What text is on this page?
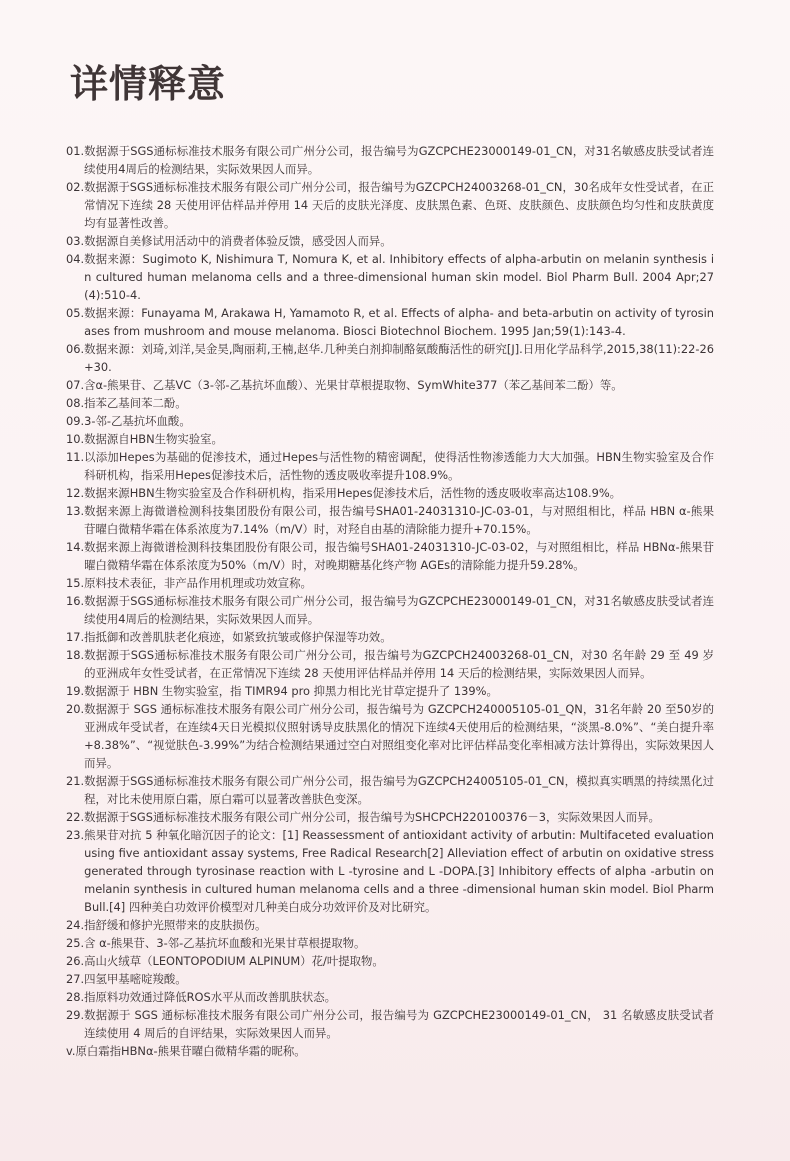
详情释意
01. 数据源于SGS通标标准技术服务有限公司广州分公司，报告编号为GZCPCHE23000149-01_CN，对31名敏感皮肤受试者连续使用4周后的检测结果，实际效果因人而异。
02. 数据源于SGS通标标准技术服务有限公司广州分公司，报告编号为GZCPCH24003268-01_CN，30名成年女性受试者，在正常情况下连续 28 天使用评估样品并停用 14 天后的皮肤光泽度、皮肤黑色素、色斑、皮肤颜色、皮肤颜色均匀性和皮肤黄度均有显著性改善。
03. 数据源自美修试用活动中的消费者体验反馈，感受因人而异。
04. 数据来源：Sugimoto K, Nishimura T, Nomura K, et al. Inhibitory effects of alpha-arbutin on melanin synthesis in cultured human melanoma cells and a three-dimensional human skin model. Biol Pharm Bull. 2004 Apr;27(4):510-4.
05. 数据来源：Funayama M, Arakawa H, Yamamoto R, et al. Effects of alpha- and beta-arbutin on activity of tyrosinases from mushroom and mouse melanoma. Biosci Biotechnol Biochem. 1995 Jan;59(1):143-4.
06. 数据来源：刘琦,刘洋,吴金昊,陶丽莉,王楠,赵华.几种美白剂抑制酪氨酸酶活性的研究[J].日用化学品科学,2015,38(11):22-26+30.
07. 含α-熊果苷、乙基VC（3-邻-乙基抗坏血酸）、光果甘草根提取物、SymWhite377（苯乙基间苯二酚）等。
08. 指苯乙基间苯二酚。
09. 3-邻-乙基抗坏血酸。
10. 数据源自HBN生物实验室。
11. 以添加Hepes为基础的促渗技术，通过Hepes与活性物的精密调配，使得活性物渗透能力大大加强。HBN生物实验室及合作科研机构，指采用Hepes促渗技术后，活性物的透皮吸收率提升108.9%。
12. 数据来源HBN生物实验室及合作科研机构，指采用Hepes促渗技术后，活性物的透皮吸收率高达108.9%。
13. 数据来源上海微谱检测科技集团股份有限公司，报告编号SHA01-24031310-JC-03-01，与对照组相比，样品 HBN α-熊果苷曜白微精华霜在体系浓度为7.14%（m/V）时，对羟自由基的清除能力提升+70.15%。
14. 数据来源上海微谱检测科技集团股份有限公司，报告编号SHA01-24031310-JC-03-02，与对照组相比，样品 HBNα-熊果苷曜白微精华霜在体系浓度为50%（m/V）时，对晚期糖基化终产物 AGEs的清除能力提升59.28%。
15. 原料技术表征，非产品作用机理或功效宣称。
16. 数据源于SGS通标标准技术服务有限公司广州分公司，报告编号为GZCPCHE23000149-01_CN，对31名敏感皮肤受试者连续使用4周后的检测结果，实际效果因人而异。
17. 指抵御和改善肌肤老化痕迹，如紧致抗皱或修护保湿等功效。
18. 数据源于SGS通标标准技术服务有限公司广州分公司，报告编号为GZCPCH24003268-01_CN，对30 名年龄 29 至 49 岁的亚洲成年女性受试者，在正常情况下连续 28 天使用评估样品并停用 14 天后的检测结果，实际效果因人而异。
19. 数据源于 HBN 生物实验室，指 TIMR94 pro 抑黑力相比光甘草定提升了 139%。
20. 数据源于 SGS 通标标准技术服务有限公司广州分公司，报告编号为 GZCPCH240005105-01_QN，31名年龄 20 至50岁的亚洲成年受试者，在连续4天日光模拟仪照射诱导皮肤黑化的情况下连续4天使用后的检测结果，“淡黑-8.0%”、“美白提升率+8.38%”、“视觉肤色-3.99%”为结合检测结果通过空白对照组变化率对比评估样品变化率相减方法计算得出，实际效果因人而异。
21. 数据源于SGS通标标准技术服务有限公司广州分公司，报告编号为GZCPCH24005105-01_CN，模拟真实晒黑的持续黑化过程，对比未使用原白霜，原白霜可以显著改善肤色变深。
22. 数据源于SGS通标标准技术服务有限公司广州分公司，报告编号为SHCPCH220100376－3，实际效果因人而异。
23. 熊果苷对抗 5 种氧化暗沉因子的论文：[1] Reassessment of antioxidant activity of arbutin: Multifaceted evaluation using five antioxidant assay systems, Free Radical Research[2] Alleviation effect of arbutin on oxidative stress generated through tyrosinase reaction with L -tyrosine and L -DOPA.[3] Inhibitory effects of alpha -arbutin on melanin synthesis in cultured human melanoma cells and a three -dimensional human skin model. Biol Pharm Bull.[4] 四种美白功效评价模型对几种美白成分功效评价及对比研究。
24. 指舒缓和修护光照带来的皮肤损伤。
25. 含 α-熊果苷、3-邻-乙基抗坏血酸和光果甘草根提取物。
26. 高山火绒草（LEONTOPODIUM ALPINUM）花/叶提取物。
27. 四氢甲基嘧啶羧酸。
28. 指原料功效通过降低ROS水平从而改善肌肤状态。
29. 数据源于 SGS 通标标准技术服务有限公司广州分公司，报告编号为 GZCPCHE23000149-01_CN， 31 名敏感皮肤受试者连续使用 4 周后的自评结果，实际效果因人而异。
v. 原白霜指HBNα-熊果苷曜白微精华霜的昵称。
